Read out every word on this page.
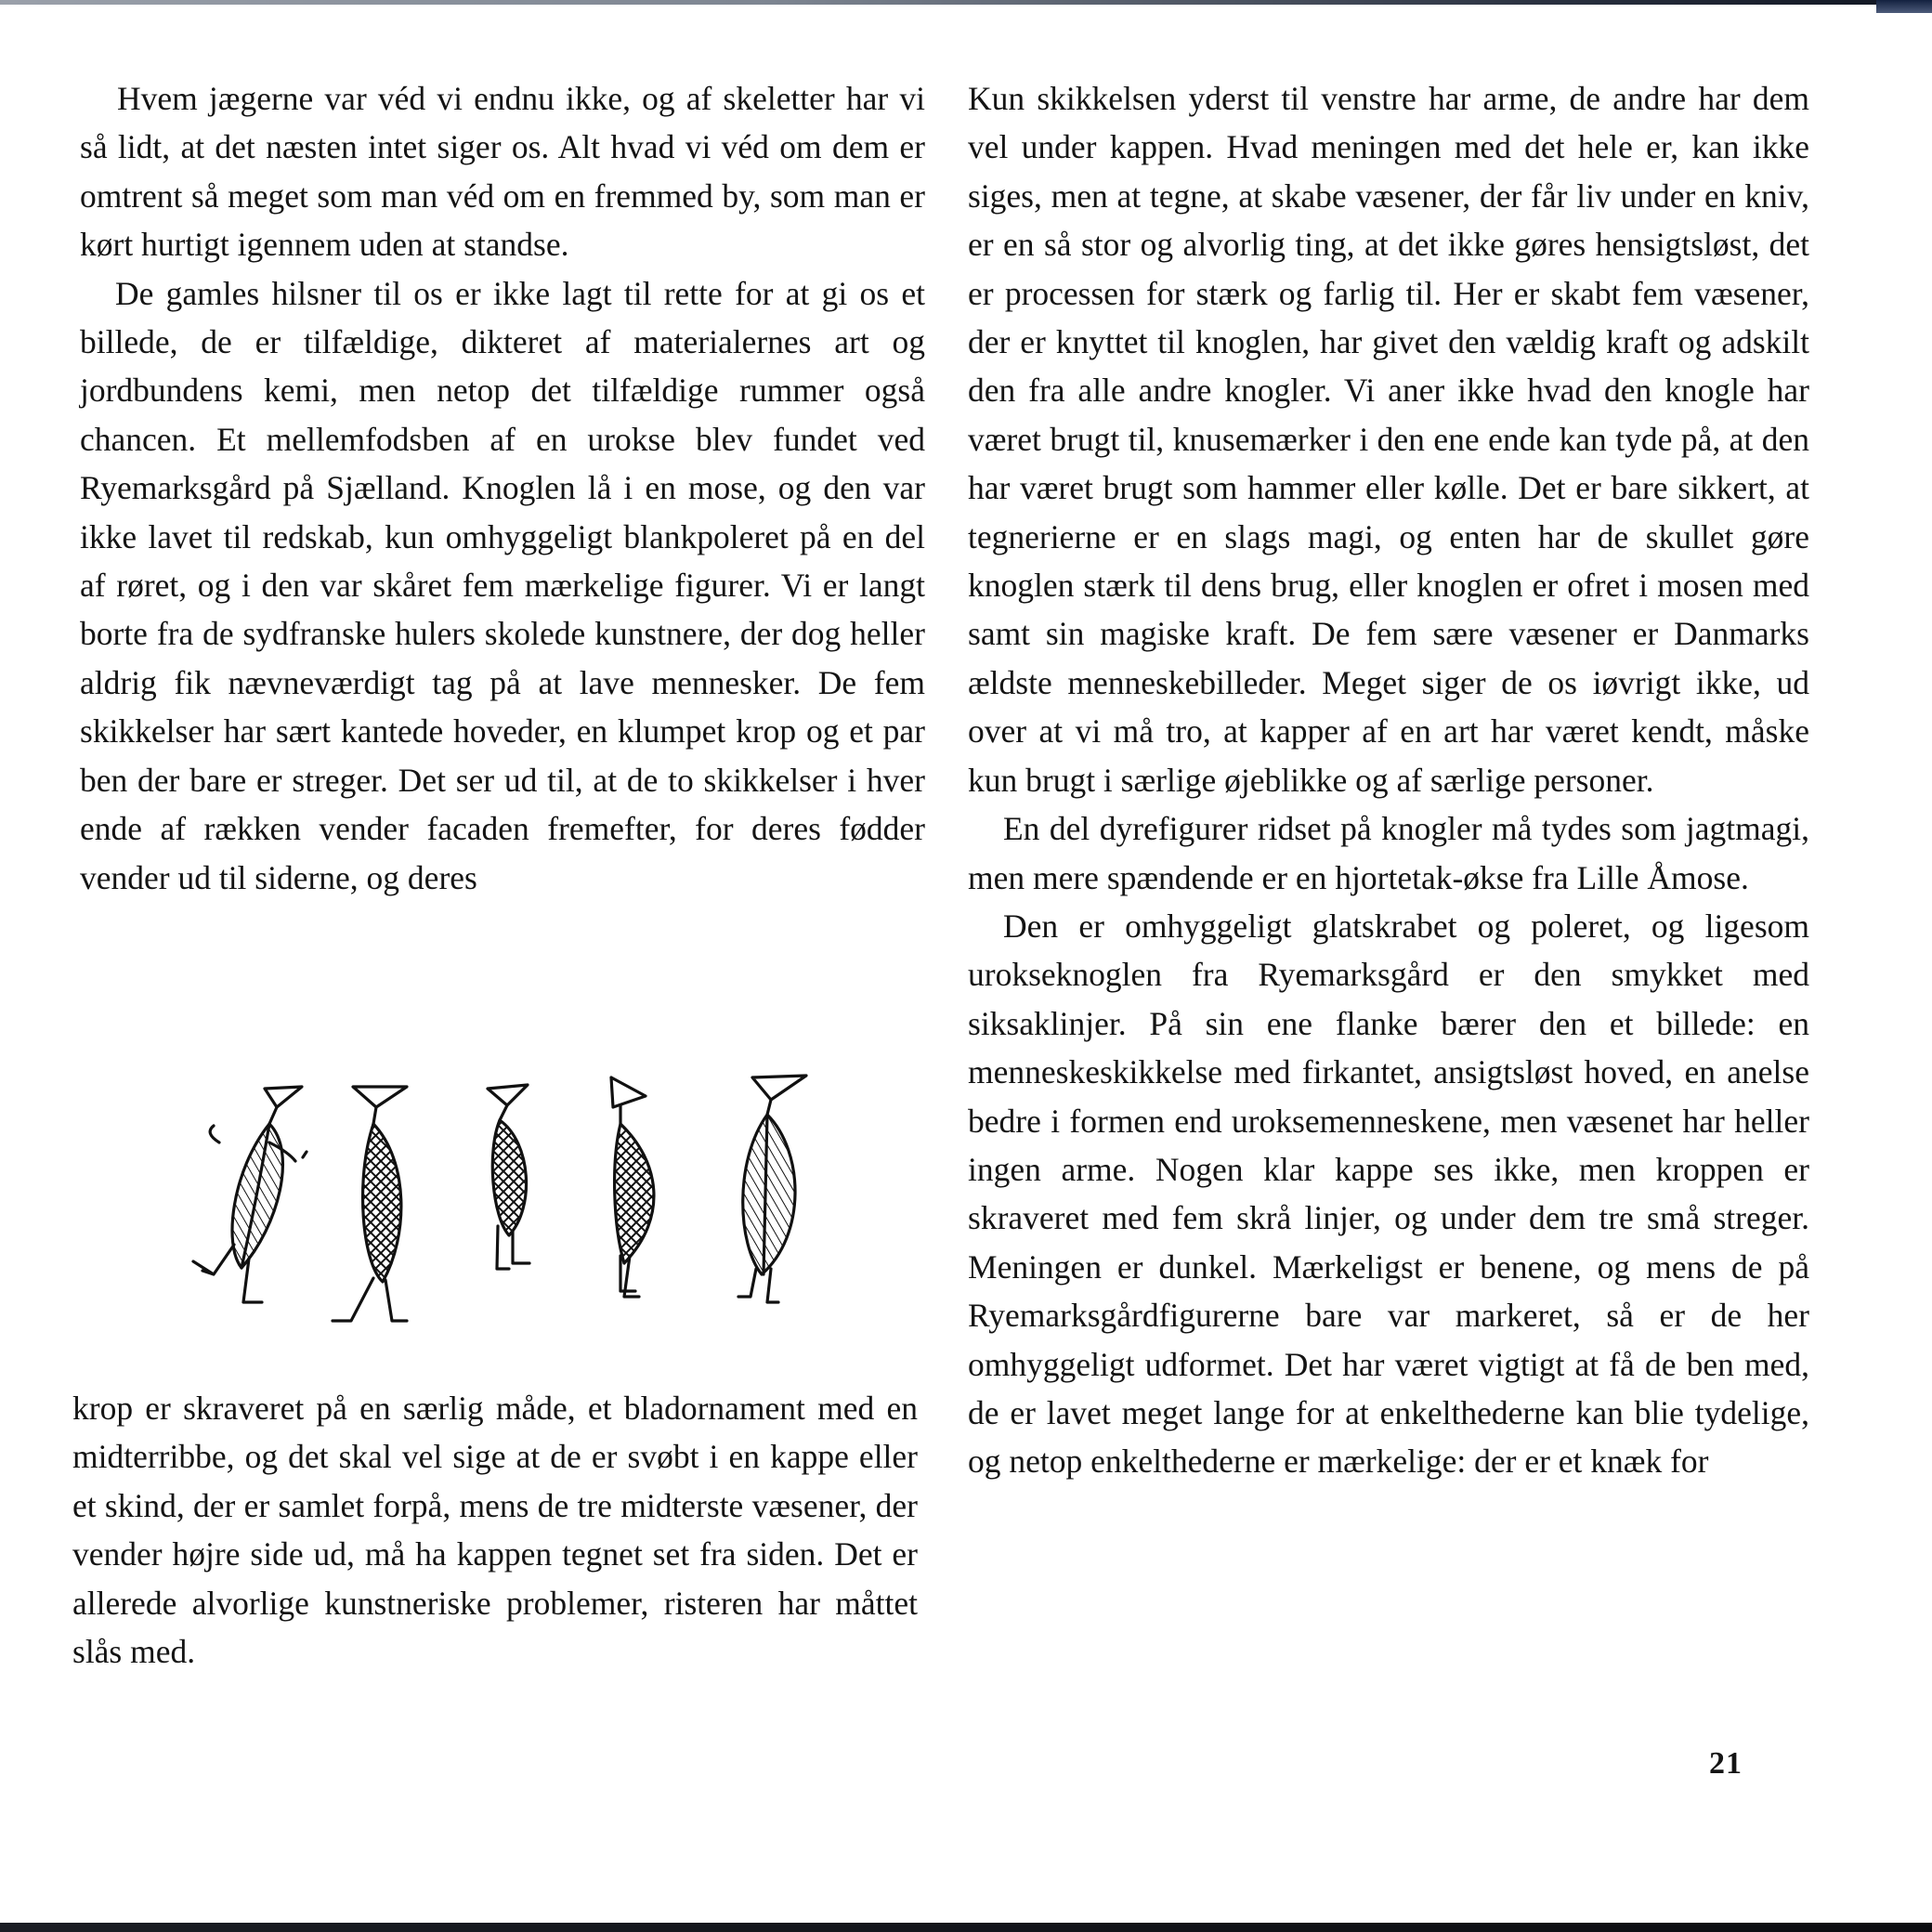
Hvem jægerne var véd vi endnu ikke, og af skeletter har vi så lidt, at det næsten intet siger os. Alt hvad vi véd om dem er omtrent så meget som man véd om en fremmed by, som man er kørt hurtigt igennem uden at standse.

De gamles hilsner til os er ikke lagt til rette for at gi os et billede, de er tilfældige, dikteret af materialernes art og jordbundens kemi, men netop det tilfældige rummer også chancen. Et mellemfodsben af en urokse blev fundet ved Ryemarksgård på Sjælland. Knoglen lå i en mose, og den var ikke lavet til redskab, kun omhyggeligt blankpoleret på en del af røret, og i den var skåret fem mærkelige figurer. Vi er langt borte fra de sydfranske hulers skolede kunstnere, der dog heller aldrig fik nævneværdigt tag på at lave mennesker. De fem skikkelser har sært kantede hoveder, en klumpet krop og et par ben der bare er streger. Det ser ud til, at de to skikkelser i hver ende af rækken vender facaden fremefter, for deres fødder vender ud til siderne, og deres

krop er skraveret på en særlig måde, et bladornament med en midterribbe, og det skal vel sige at de er svøbt i en kappe eller et skind, der er samlet forpå, mens de tre midterste væsener, der vender højre side ud, må ha kappen tegnet set fra siden. Det er allerede alvorlige kunstneriske problemer, risteren har måttet slås med.

Kun skikkelsen yderst til venstre har arme, de andre har dem vel under kappen. Hvad meningen med det hele er, kan ikke siges, men at tegne, at skabe væsener, der får liv under en kniv, er en så stor og alvorlig ting, at det ikke gøres hensigtsløst, det er processen for stærk og farlig til. Her er skabt fem væsener, der er knyttet til knoglen, har givet den vældig kraft og adskilt den fra alle andre knogler. Vi aner ikke hvad den knogle har været brugt til, knusemærker i den ene ende kan tyde på, at den har været brugt som hammer eller kølle. Det er bare sikkert, at tegnerierne er en slags magi, og enten har de skullet gøre knoglen stærk til dens brug, eller knoglen er ofret i mosen med samt sin magiske kraft. De fem sære væsener er Danmarks ældste menneskebilleder. Meget siger de os iøvrigt ikke, ud over at vi må tro, at kapper af en art har været kendt, måske kun brugt i særlige øjeblikke og af særlige personer.

En del dyrefigurer ridset på knogler må tydes som jagtmagi, men mere spændende er en hjortetak-økse fra Lille Åmose.

Den er omhyggeligt glatskrabet og poleret, og ligesom urokseknoglen fra Ryemarksgård er den smykket med siksaklinjer. På sin ene flanke bærer den et billede: en menneskeskikkelse med firkantet, ansigtsløst hoved, en anelse bedre i formen end uroksemenneskene, men væsenet har heller ingen arme. Nogen klar kappe ses ikke, men kroppen er skraveret med fem skrå linjer, og under dem tre små streger. Meningen er dunkel. Mærkeligst er benene, og mens de på Ryemarksgårdfigurerne bare var markeret, så er de her omhyggeligt udformet. Det har været vigtigt at få de ben med, de er lavet meget lange for at enkelthederne kan blie tydelige, og netop enkelthederne er mærkelige: der er et knæk for

21
